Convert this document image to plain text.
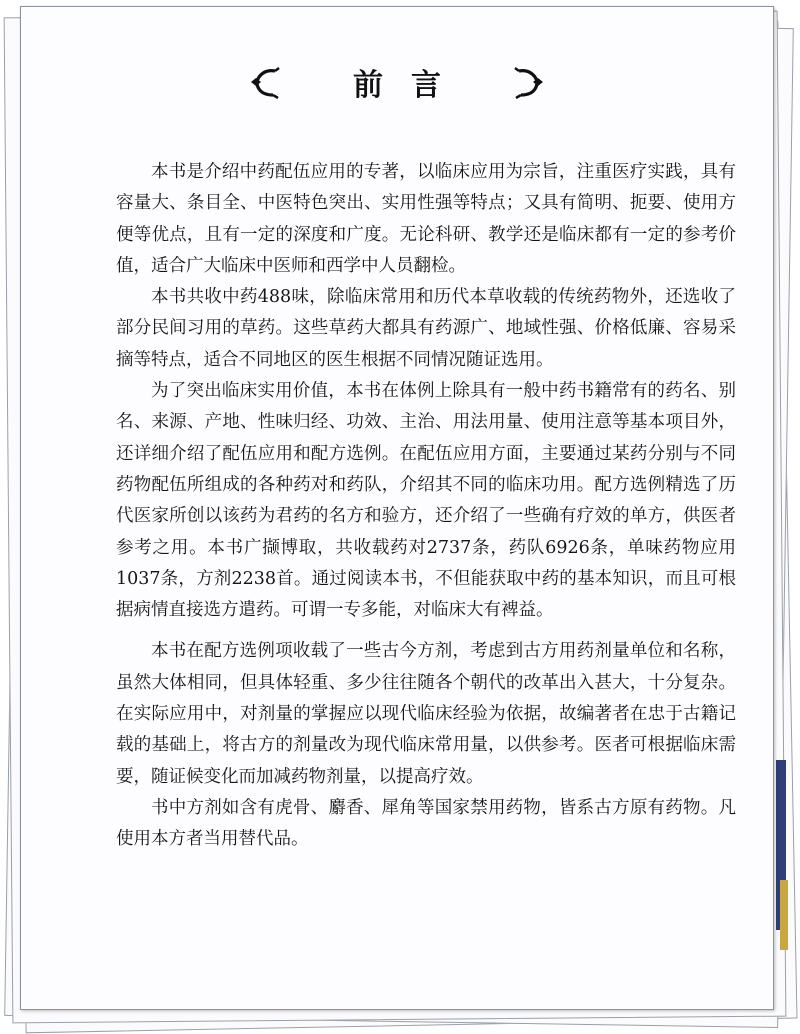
前言

本书是介绍中药配伍应用的专著，以临床应用为宗旨，注重医疗实践，具有容量大、条目全、中医特色突出、实用性强等特点；又具有简明、扼要、使用方便等优点，且有一定的深度和广度。无论科研、教学还是临床都有一定的参考价值，适合广大临床中医师和西学中人员翻检。

本书共收中药488味，除临床常用和历代本草收载的传统药物外，还选收了部分民间习用的草药。这些草药大都具有药源广、地域性强、价格低廉、容易采摘等特点，适合不同地区的医生根据不同情况随证选用。

为了突出临床实用价值，本书在体例上除具有一般中药书籍常有的药名、别名、来源、产地、性味归经、功效、主治、用法用量、使用注意等基本项目外，还详细介绍了配伍应用和配方选例。在配伍应用方面，主要通过某药分别与不同药物配伍所组成的各种药对和药队，介绍其不同的临床功用。配方选例精选了历代医家所创以该药为君药的名方和验方，还介绍了一些确有疗效的单方，供医者参考之用。本书广撷博取，共收载药对2737条，药队6926条，单味药物应用1037条，方剂2238首。通过阅读本书，不但能获取中药的基本知识，而且可根据病情直接选方遣药。可谓一专多能，对临床大有裨益。

本书在配方选例项收载了一些古今方剂，考虑到古方用药剂量单位和名称，虽然大体相同，但具体轻重、多少往往随各个朝代的改革出入甚大，十分复杂。在实际应用中，对剂量的掌握应以现代临床经验为依据，故编著者在忠于古籍记载的基础上，将古方的剂量改为现代临床常用量，以供参考。医者可根据临床需要，随证候变化而加减药物剂量，以提高疗效。

书中方剂如含有虎骨、麝香、犀角等国家禁用药物，皆系古方原有药物。凡使用本方者当用替代品。
